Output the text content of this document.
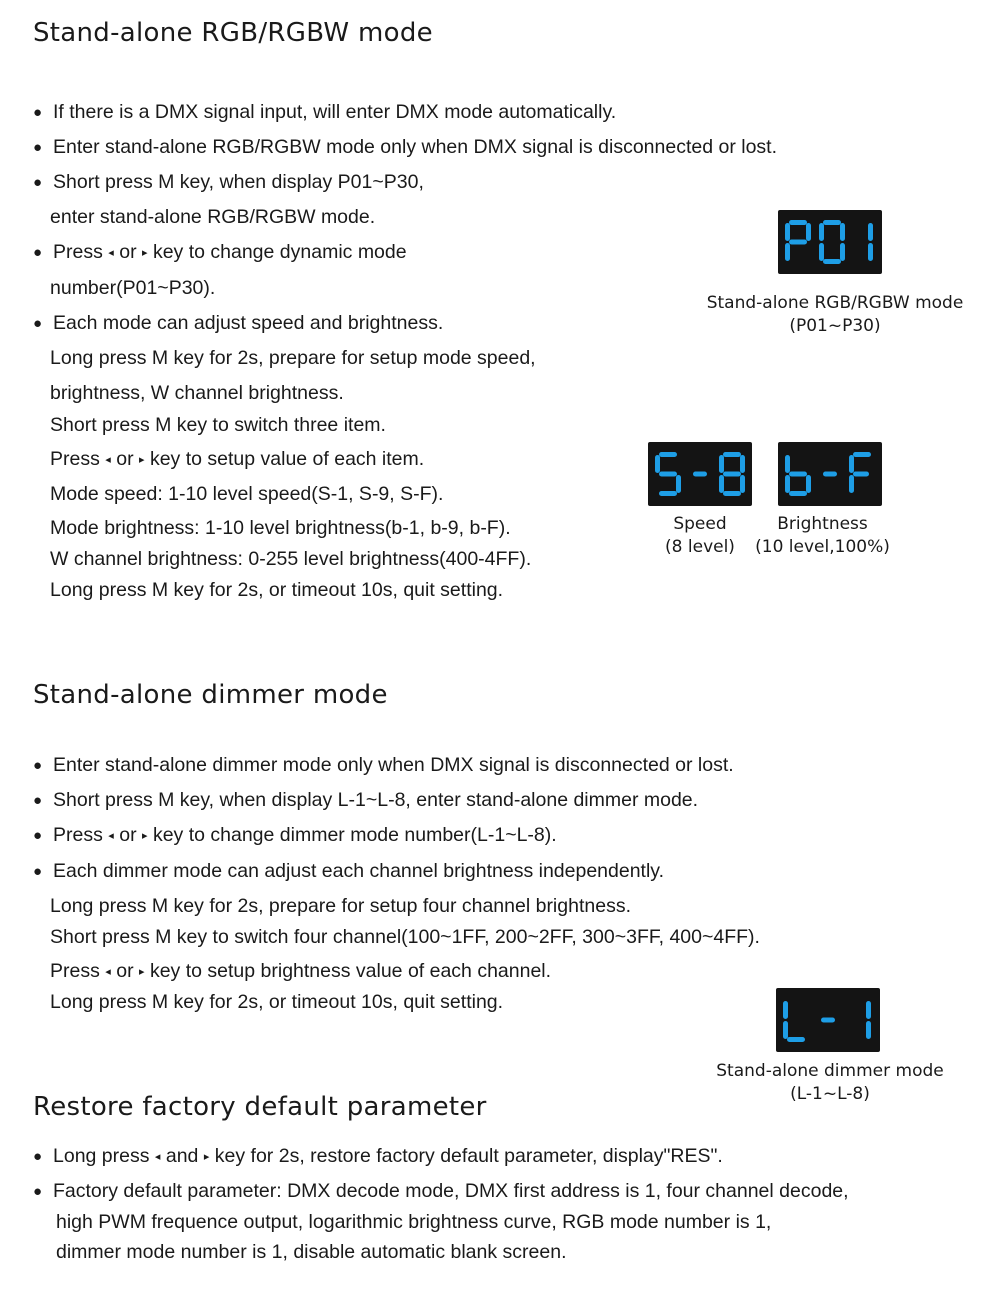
Stand-alone RGB/RGBW mode
● If there is a DMX signal input, will enter DMX mode automatically.
● Enter stand-alone RGB/RGBW mode only when DMX signal is disconnected or lost.
● Short press M key, when display P01~P30,
enter stand-alone RGB/RGBW mode.
● Press ◂ or ▸ key to change dynamic mode
number(P01~P30).
● Each mode can adjust speed and brightness.
Long press M key for 2s, prepare for setup mode speed,
brightness, W channel brightness.
Short press M key to switch three item.
Press ◂ or ▸ key to setup value of each item.
Mode speed: 1-10 level speed(S-1, S-9, S-F).
Mode brightness: 1-10 level brightness(b-1, b-9, b-F).
W channel brightness: 0-255 level brightness(400-4FF).
Long press M key for 2s, or timeout 10s, quit setting.
Stand-alone RGB/RGBW mode
(P01~P30)
Speed
(8 level)
Brightness
(10 level,100%)
Stand-alone dimmer mode
● Enter stand-alone dimmer mode only when DMX signal is disconnected or lost.
● Short press M key, when display L-1~L-8, enter stand-alone dimmer mode.
● Press ◂ or ▸ key to change dimmer mode number(L-1~L-8).
● Each dimmer mode can adjust each channel brightness independently.
Long press M key for 2s, prepare for setup four channel brightness.
Short press M key to switch four channel(100~1FF, 200~2FF, 300~3FF, 400~4FF).
Press ◂ or ▸ key to setup brightness value of each channel.
Long press M key for 2s, or timeout 10s, quit setting.
Stand-alone dimmer mode
(L-1~L-8)
Restore factory default parameter
● Long press ◂ and ▸ key for 2s, restore factory default parameter, display"RES".
● Factory default parameter: DMX decode mode, DMX first address is 1, four channel decode,
high PWM frequence output, logarithmic brightness curve, RGB mode number is 1,
dimmer mode number is 1, disable automatic blank screen.
